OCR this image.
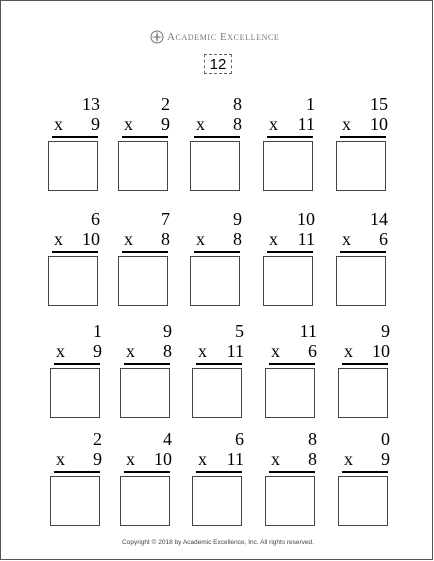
Academic Excellence
12
13
x 9
2
x 9
8
x 8
1
x 11
15
x 10
6
x 10
7
x 8
9
x 8
10
x 11
14
x 6
1
x 9
9
x 8
5
x 11
11
x 6
9
x 10
2
x 9
4
x 10
6
x 11
8
x 8
0
x 9
Copyright © 2018 by Academic Excellence, Inc. All rights reserved.
